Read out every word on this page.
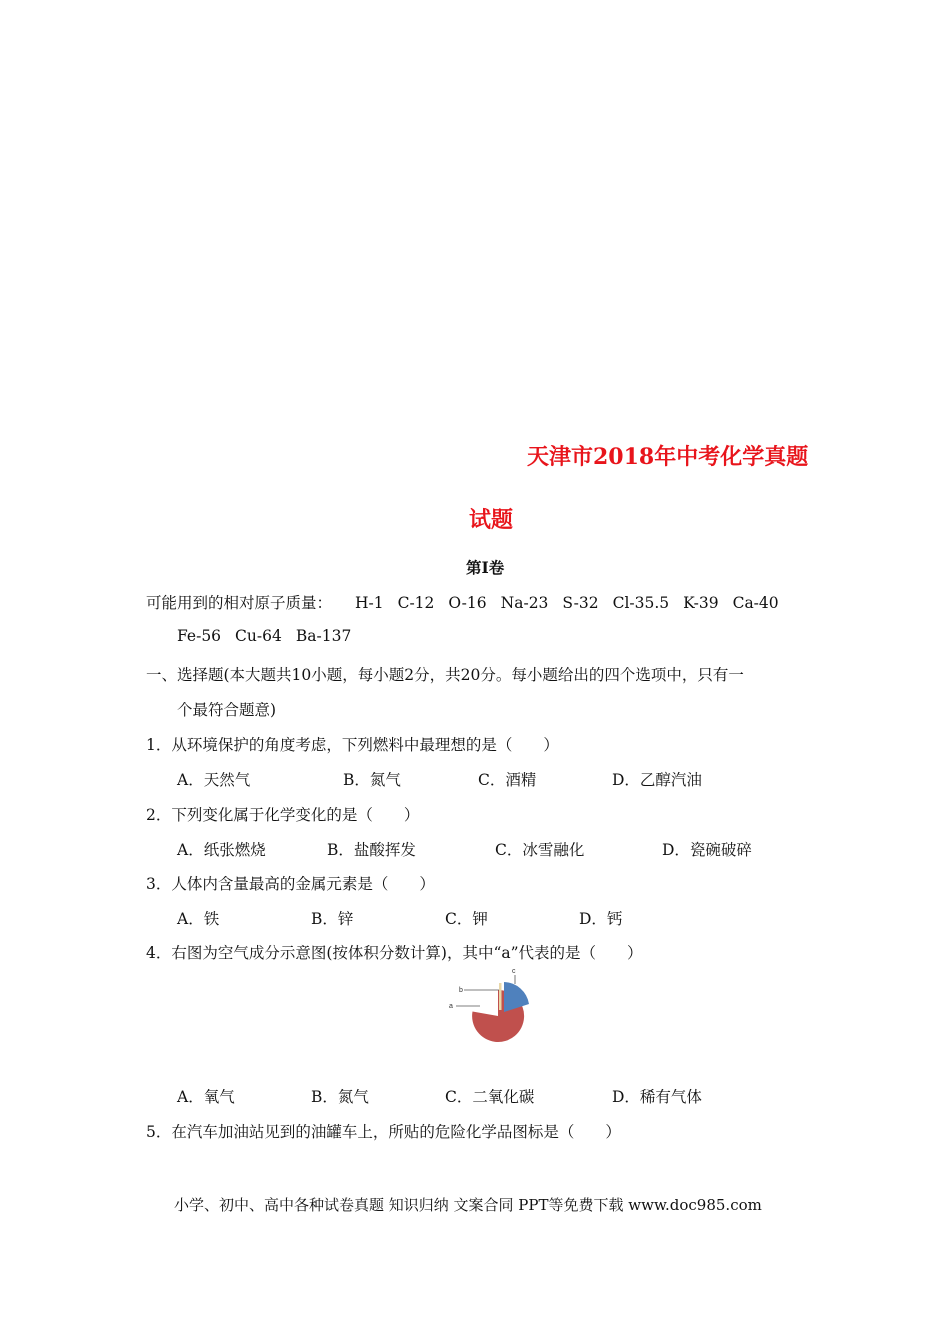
天津市2018年中考化学真题
试题
第I卷
可能用到的相对原子质量： H-1 C-12 O-16 Na-23 S-32 Cl-35.5 K-39 Ca-40
Fe-56 Cu-64 Ba-137
一、选择题(本大题共10小题，每小题2分，共20分。每小题给出的四个选项中，只有一
个最符合题意)
1．从环境保护的角度考虑，下列燃料中最理想的是（　　）
A．天然气	B．氮气	C．酒精	D．乙醇汽油
2．下列变化属于化学变化的是（　　）
A．纸张燃烧	B．盐酸挥发	C．冰雪融化	D．瓷碗破碎
3．人体内含量最高的金属元素是（　　）
A．铁	B．锌	C．钾	D．钙
4．右图为空气成分示意图(按体积分数计算)，其中“a”代表的是（　　）
a
b
c
A．氧气	B．氮气	C．二氧化碳	D．稀有气体
5．在汽车加油站见到的油罐车上，所贴的危险化学品图标是（　　）
小学、初中、高中各种试卷真题 知识归纳 文案合同 PPT等免费下载 www.doc985.com
